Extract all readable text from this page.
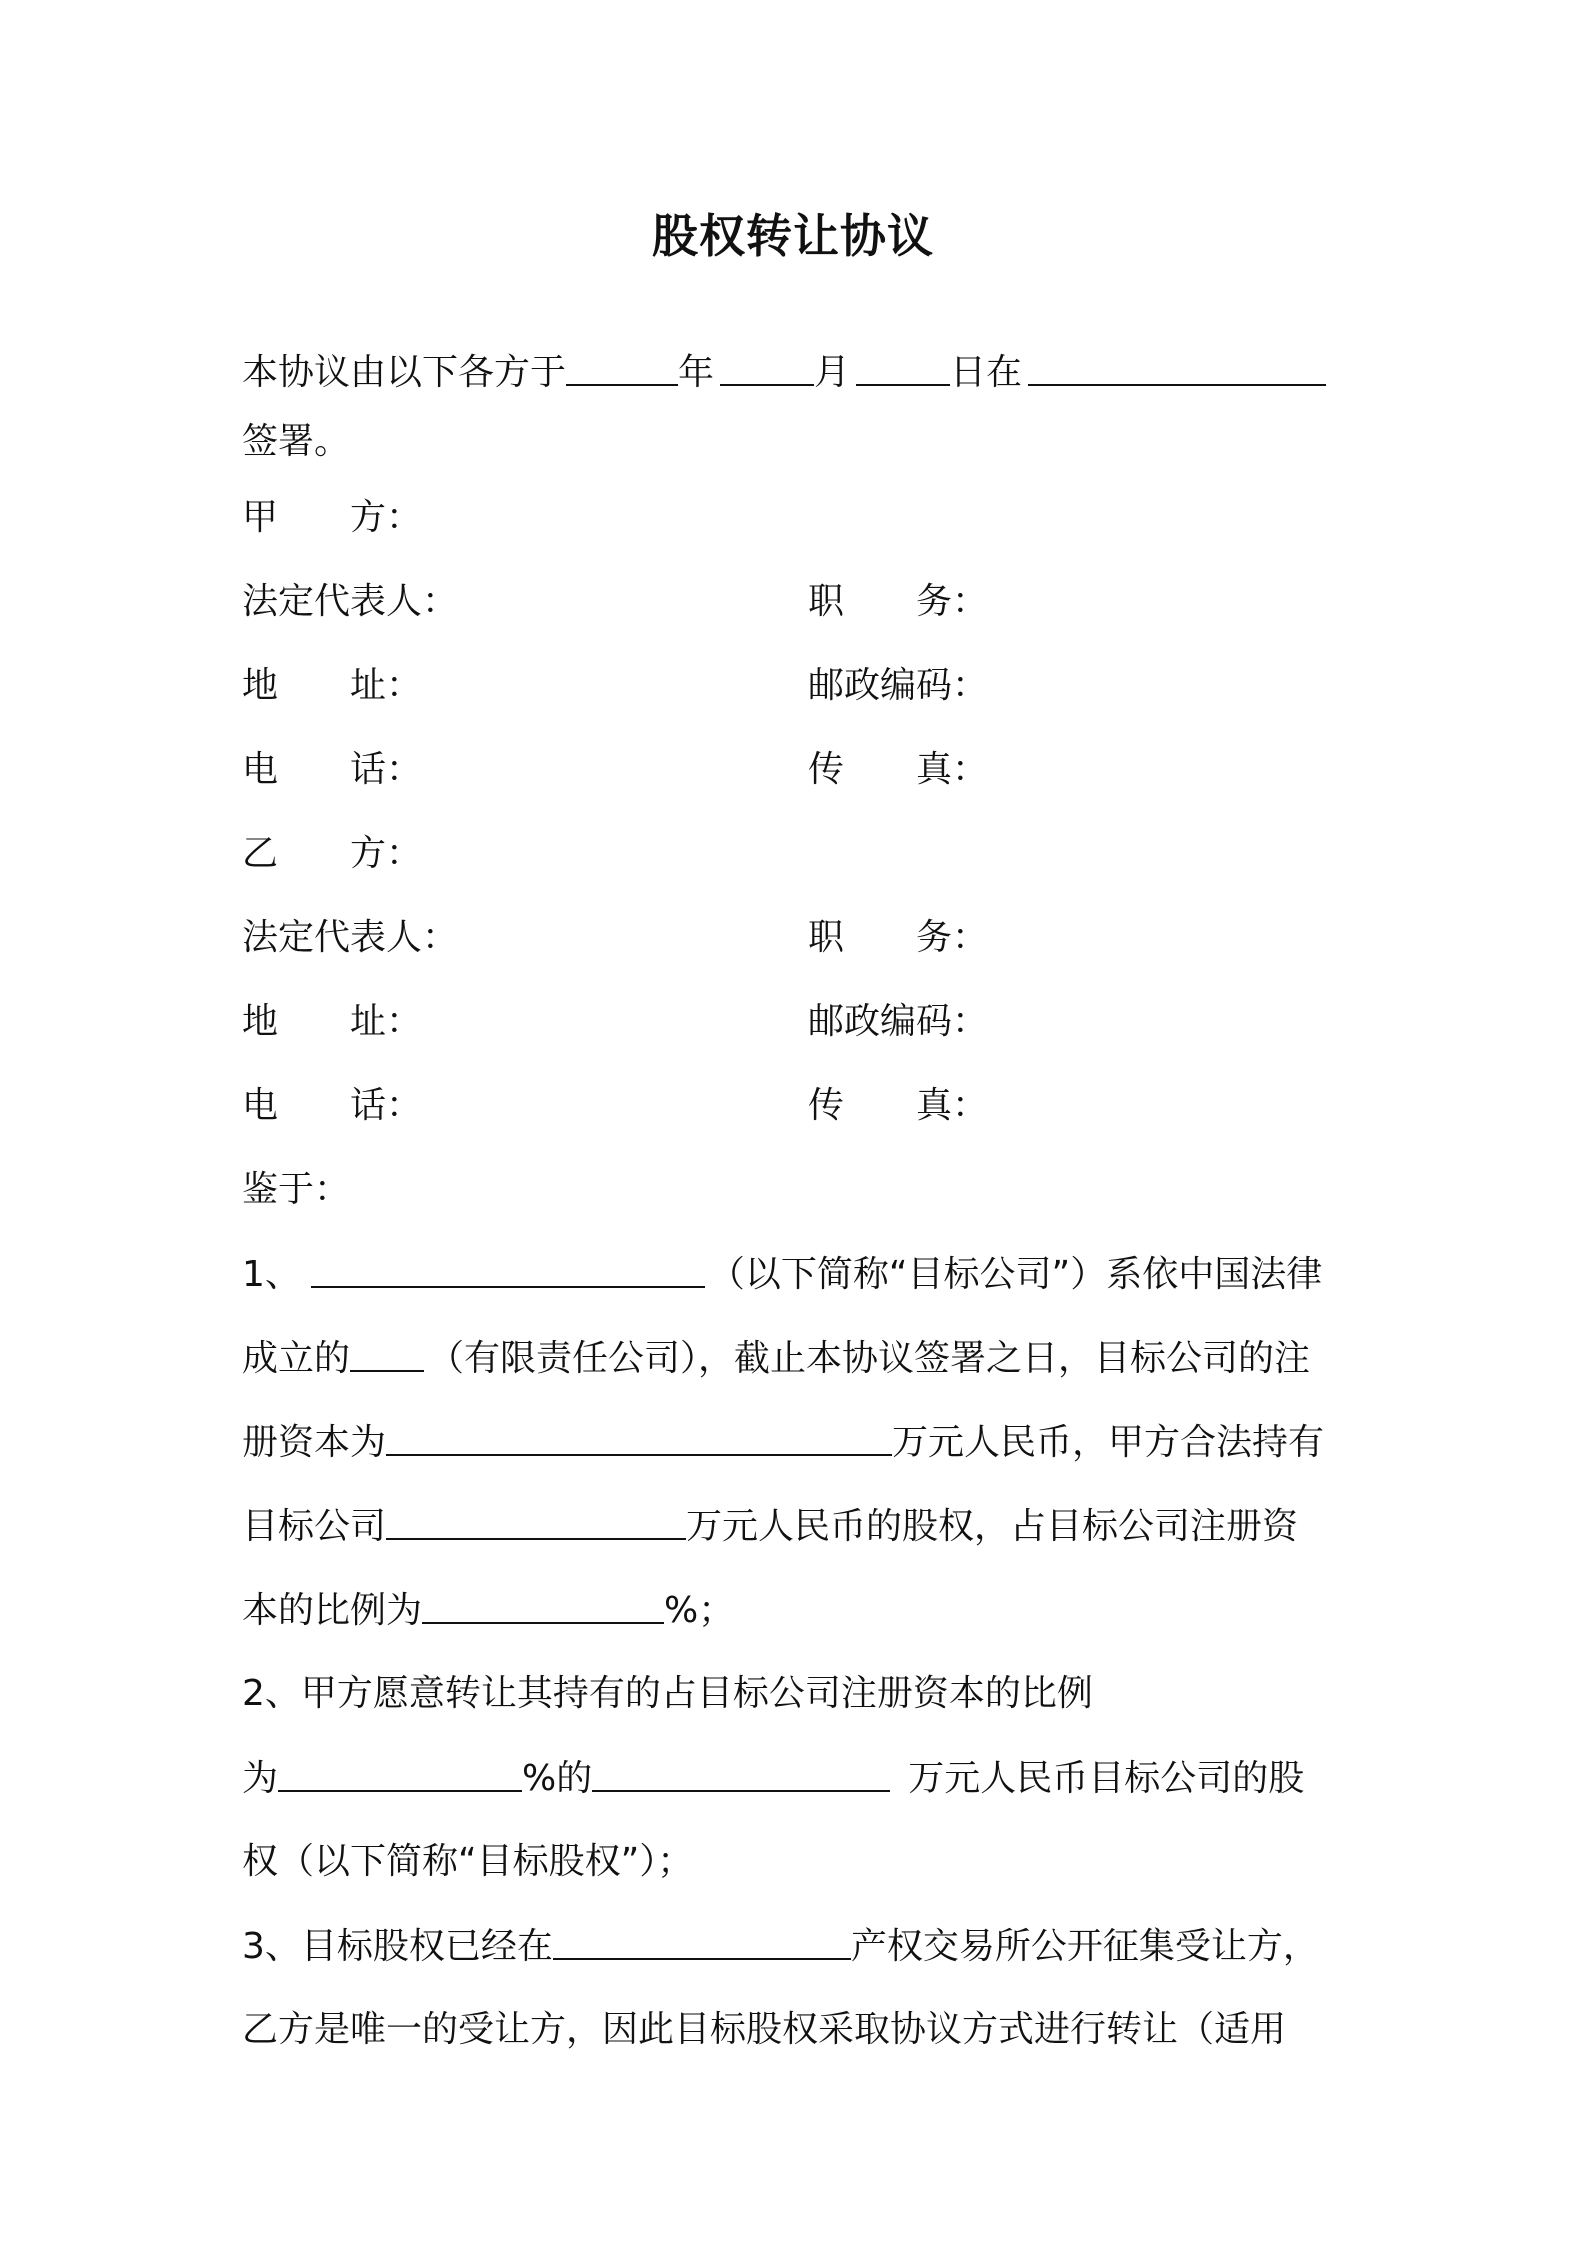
股权转让协议
本协议由以下各方于	年	月	日在
签署。
甲　　方：
法定代表人：	职　　务：
地　　址：	邮政编码：
电　　话：	传　　真：
乙　　方：
法定代表人：	职　　务：
地　　址：	邮政编码：
电　　话：	传　　真：
鉴于：
1、	（以下简称“目标公司”）系依中国法律
成立的 （有限责任公司），截止本协议签署之日，目标公司的注
册资本为	万元人民币，甲方合法持有
目标公司	万元人民币的股权，占目标公司注册资
本的比例为	%；
2、甲方愿意转让其持有的占目标公司注册资本的比例
为	%的	万元人民币目标公司的股
权（以下简称“目标股权”）；
3、目标股权已经在	产权交易所公开征集受让方，
乙方是唯一的受让方，因此目标股权采取协议方式进行转让（适用
